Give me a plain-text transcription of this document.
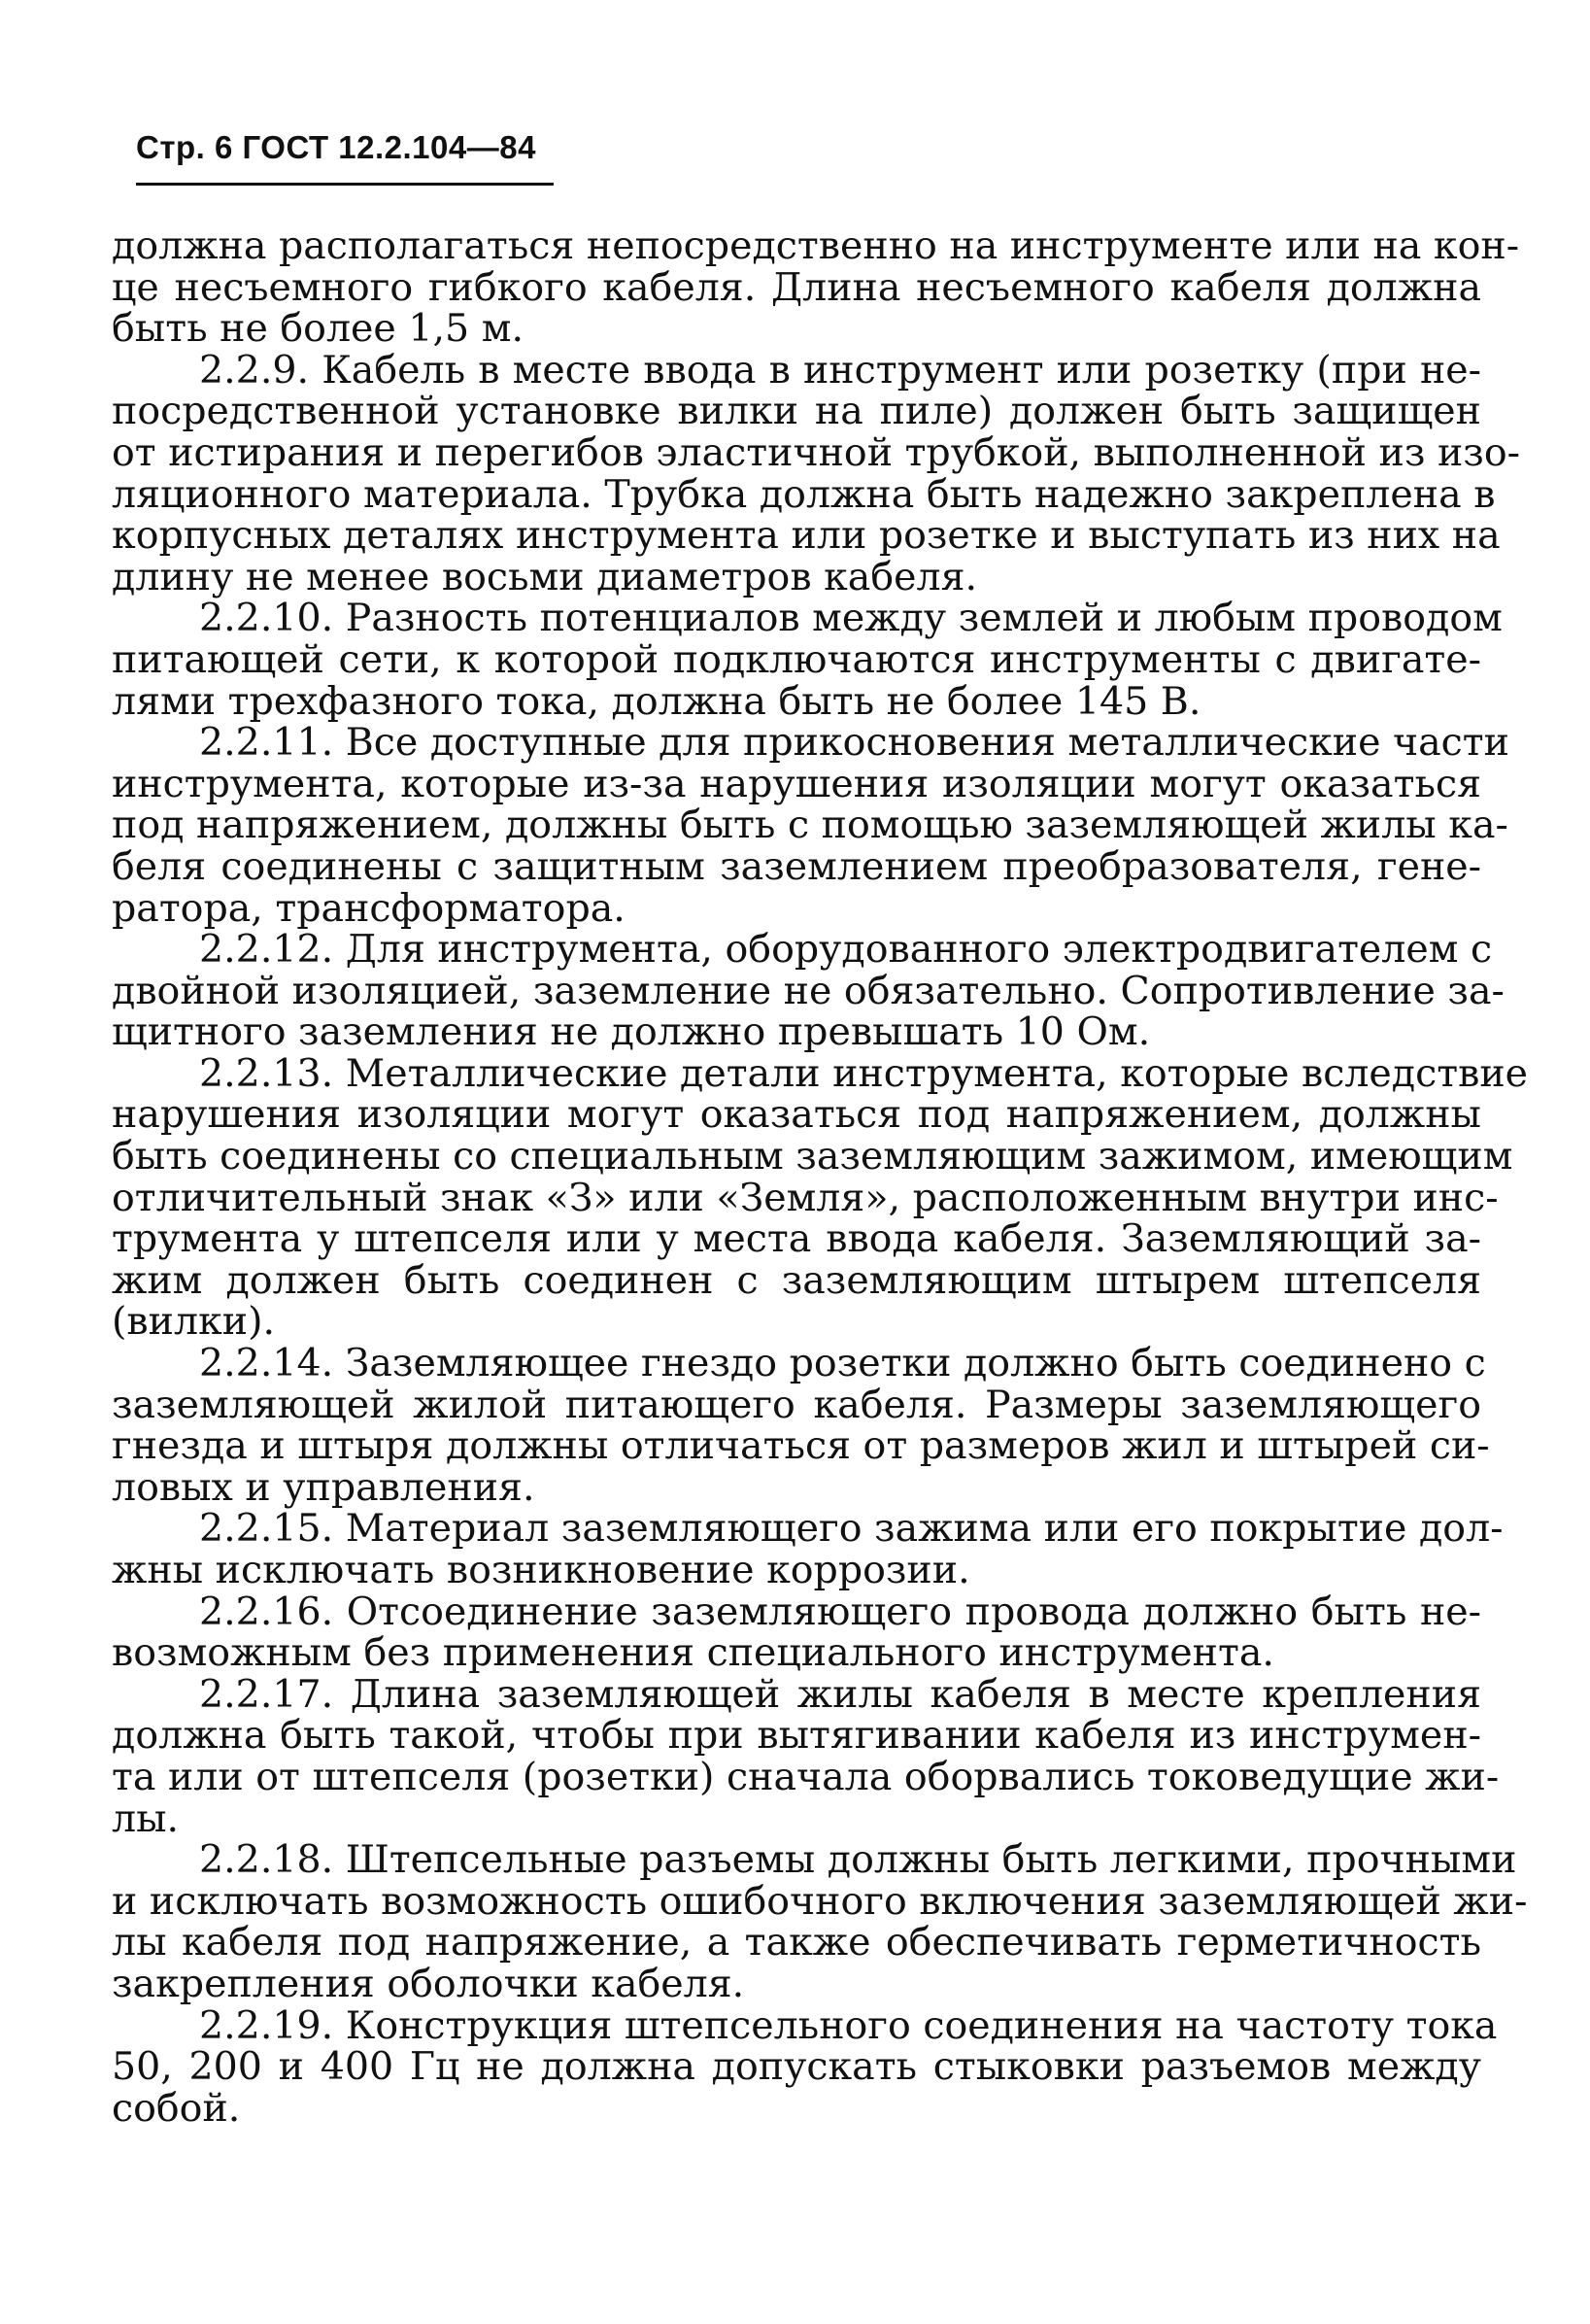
Стр. 6 ГОСТ 12.2.104—84
должна располагаться непосредственно на инструменте или на кон-
це несъемного гибкого кабеля. Длина несъемного кабеля должна
быть не более 1,5 м.
2.2.9. Кабель в месте ввода в инструмент или розетку (при не-
посредственной установке вилки на пиле) должен быть защищен
от истирания и перегибов эластичной трубкой, выполненной из изо-
ляционного материала. Трубка должна быть надежно закреплена в
корпусных деталях инструмента или розетке и выступать из них на
длину не менее восьми диаметров кабеля.
2.2.10. Разность потенциалов между землей и любым проводом
питающей сети, к которой подключаются инструменты с двигате-
лями трехфазного тока, должна быть не более 145 В.
2.2.11. Все доступные для прикосновения металлические части
инструмента, которые из-за нарушения изоляции могут оказаться
под напряжением, должны быть с помощью заземляющей жилы ка-
беля соединены с защитным заземлением преобразователя, гене-
ратора, трансформатора.
2.2.12. Для инструмента, оборудованного электродвигателем с
двойной изоляцией, заземление не обязательно. Сопротивление за-
щитного заземления не должно превышать 10 Ом.
2.2.13. Металлические детали инструмента, которые вследствие
нарушения изоляции могут оказаться под напряжением, должны
быть соединены со специальным заземляющим зажимом, имеющим
отличительный знак «З» или «Земля», расположенным внутри инс-
трумента у штепселя или у места ввода кабеля. Заземляющий за-
жим должен быть соединен с заземляющим штырем штепселя
(вилки).
2.2.14. Заземляющее гнездо розетки должно быть соединено с
заземляющей жилой питающего кабеля. Размеры заземляющего
гнезда и штыря должны отличаться от размеров жил и штырей си-
ловых и управления.
2.2.15. Материал заземляющего зажима или его покрытие дол-
жны исключать возникновение коррозии.
2.2.16. Отсоединение заземляющего провода должно быть не-
возможным без применения специального инструмента.
2.2.17. Длина заземляющей жилы кабеля в месте крепления
должна быть такой, чтобы при вытягивании кабеля из инструмен-
та или от штепселя (розетки) сначала оборвались токоведущие жи-
лы.
2.2.18. Штепсельные разъемы должны быть легкими, прочными
и исключать возможность ошибочного включения заземляющей жи-
лы кабеля под напряжение, а также обеспечивать герметичность
закрепления оболочки кабеля.
2.2.19. Конструкция штепсельного соединения на частоту тока
50, 200 и 400 Гц не должна допускать стыковки разъемов между
собой.
